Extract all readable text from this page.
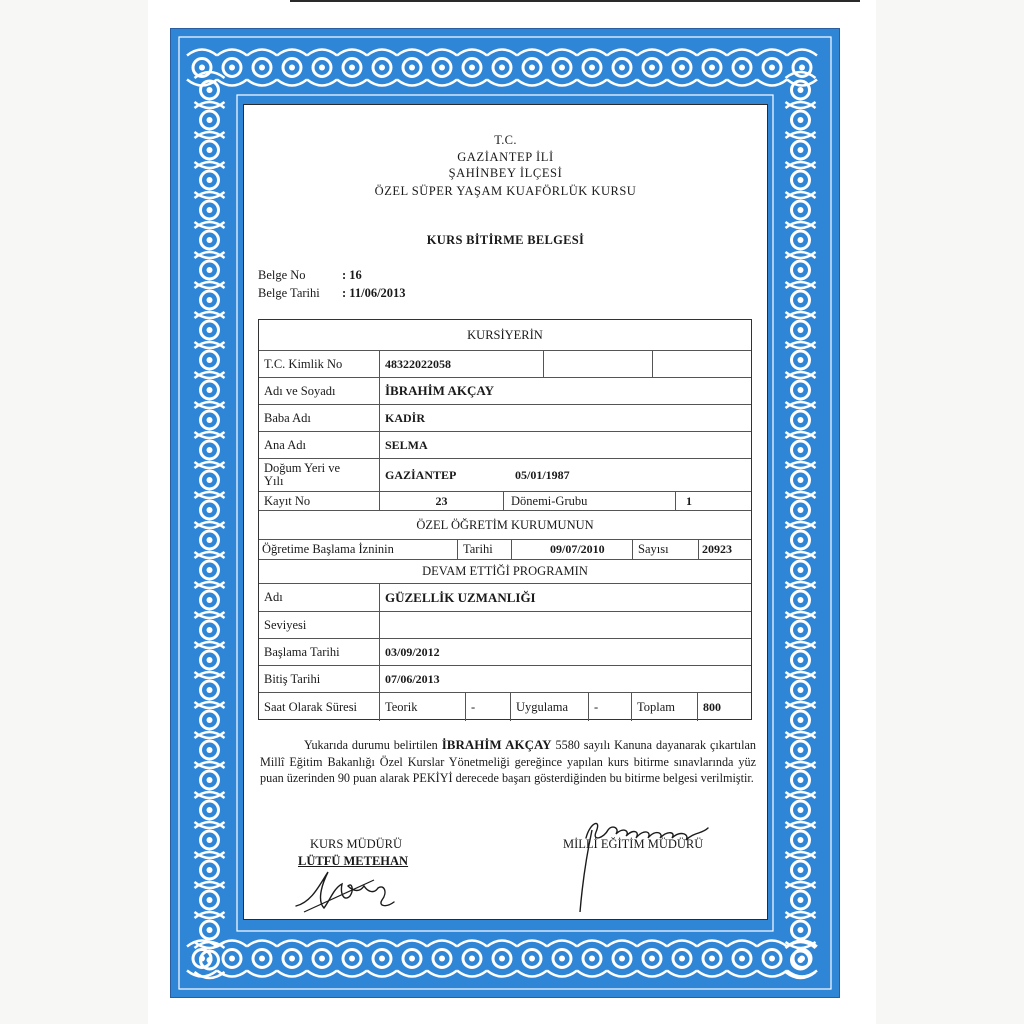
T.C.
GAZİANTEP İLİ
ŞAHİNBEY İLÇESİ
ÖZEL SÜPER YAŞAM KUAFÖRLÜK KURSU
KURS BİTİRME BELGESİ
Belge No	: 16
Belge Tarihi : 11/06/2013
KURSİYERİN
T.C. Kimlik No	48322022058
Adı ve Soyadı	İBRAHİM AKÇAY
Baba Adı	KADİR
Ana Adı	SELMA
Doğum Yeri ve
Yılı	GAZİANTEP	05/01/1987
Kayıt No	23	Dönemi-Grubu	1
ÖZEL ÖĞRETİM KURUMUNUN
Öğretime Başlama İzninin	Tarihi	09/07/2010	Sayısı	20923
DEVAM ETTİĞİ PROGRAMIN
Adı	GÜZELLİK UZMANLIĞI
Seviyesi
Başlama Tarihi	03/09/2012
Bitiş Tarihi	07/06/2013
Saat Olarak Süresi	Teorik	-	Uygulama	-	Toplam	800
Yukarıda durumu belirtilen İBRAHİM AKÇAY 5580 sayılı Kanuna dayanarak çıkartılan Millî Eğitim Bakanlığı Özel Kurslar Yönetmeliği gereğince yapılan kurs bitirme sınavlarında yüz puan üzerinden 90 puan alarak PEKİYİ derecede başarı gösterdiğinden bu bitirme belgesi verilmiştir.
KURS MÜDÜRÜ
LÜTFÜ METEHAN
MİLLİ EĞİTİM MÜDÜRÜ
